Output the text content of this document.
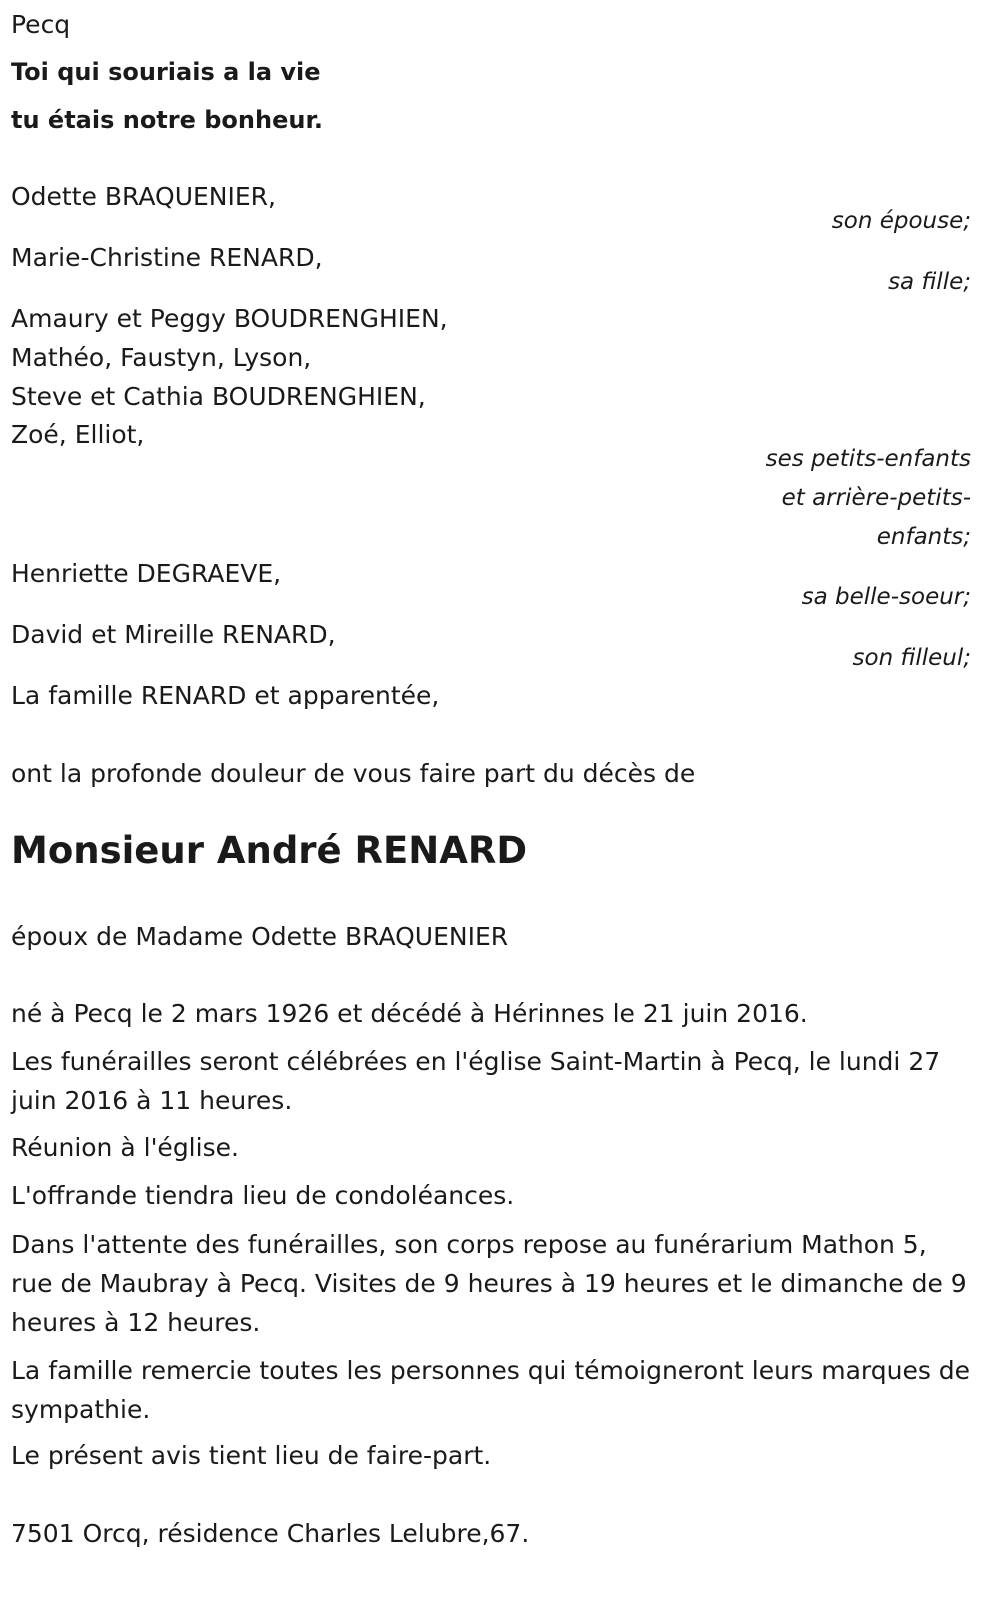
Pecq
Toi qui souriais a la vie
tu étais notre bonheur.
Odette BRAQUENIER,
son épouse;
Marie-Christine RENARD,
sa fille;
Amaury et Peggy BOUDRENGHIEN,
Mathéo, Faustyn, Lyson,
Steve et Cathia BOUDRENGHIEN,
Zoé, Elliot,
ses petits-enfants et arrière-petits-enfants;
Henriette DEGRAEVE,
sa belle-soeur;
David et Mireille RENARD,
son filleul;
La famille RENARD et apparentée,
ont la profonde douleur de vous faire part du décès de
Monsieur André RENARD
époux de Madame Odette BRAQUENIER
né à Pecq le 2 mars 1926 et décédé à Hérinnes le 21 juin 2016.
Les funérailles seront célébrées en l'église Saint-Martin à Pecq, le lundi 27 juin 2016 à 11 heures.
Réunion à l'église.
L'offrande tiendra lieu de condoléances.
Dans l'attente des funérailles, son corps repose au funérarium Mathon 5, rue de Maubray à Pecq. Visites de 9 heures à 19 heures et le dimanche de 9 heures à 12 heures.
La famille remercie toutes les personnes qui témoigneront leurs marques de sympathie.
Le présent avis tient lieu de faire-part.
7501 Orcq, résidence Charles Lelubre,67.
